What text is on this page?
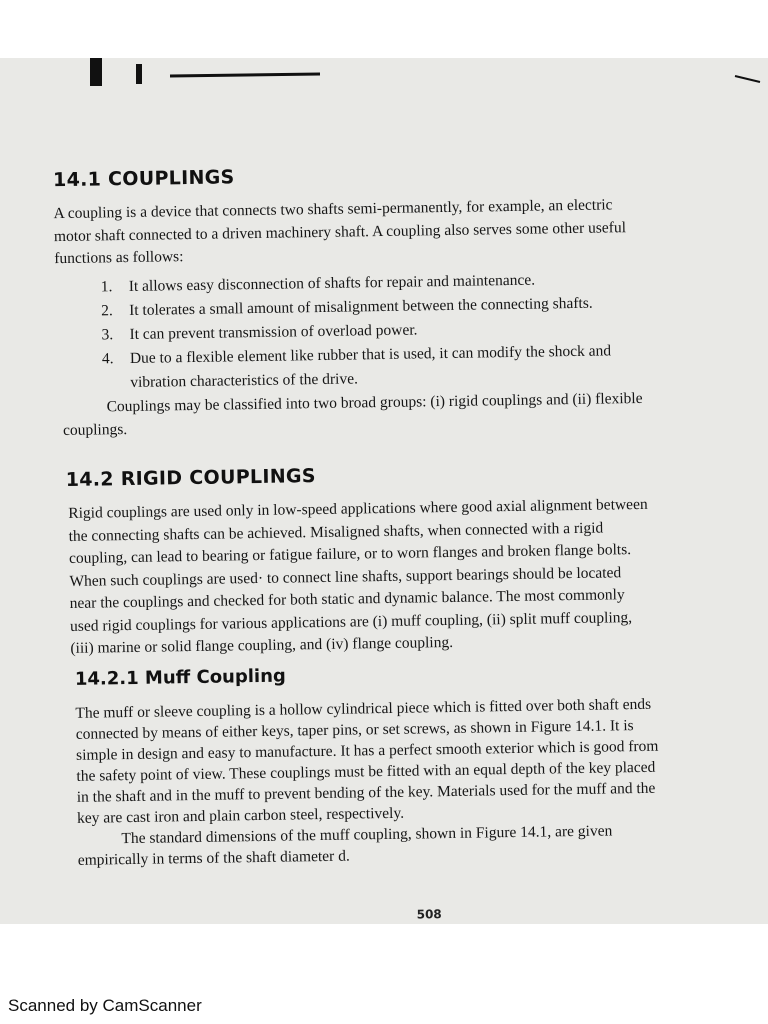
14.1 COUPLINGS
A coupling is a device that connects two shafts semi-permanently, for example, an electric
motor shaft connected to a driven machinery shaft. A coupling also serves some other useful
functions as follows:
1. It allows easy disconnection of shafts for repair and maintenance.
2. It tolerates a small amount of misalignment between the connecting shafts.
3. It can prevent transmission of overload power.
4. Due to a flexible element like rubber that is used, it can modify the shock and
vibration characteristics of the drive.
Couplings may be classified into two broad groups: (i) rigid couplings and (ii) flexible
couplings.
14.2 RIGID COUPLINGS
Rigid couplings are used only in low-speed applications where good axial alignment between
the connecting shafts can be achieved. Misaligned shafts, when connected with a rigid
coupling, can lead to bearing or fatigue failure, or to worn flanges and broken flange bolts.
When such couplings are used· to connect line shafts, support bearings should be located
near the couplings and checked for both static and dynamic balance. The most commonly
used rigid couplings for various applications are (i) muff coupling, (ii) split muff coupling,
(iii) marine or solid flange coupling, and (iv) flange coupling.
14.2.1 Muff Coupling
The muff or sleeve coupling is a hollow cylindrical piece which is fitted over both shaft ends
connected by means of either keys, taper pins, or set screws, as shown in Figure 14.1. It is
simple in design and easy to manufacture. It has a perfect smooth exterior which is good from
the safety point of view. These couplings must be fitted with an equal depth of the key placed
in the shaft and in the muff to prevent bending of the key. Materials used for the muff and the
key are cast iron and plain carbon steel, respectively.
The standard dimensions of the muff coupling, shown in Figure 14.1, are given
empirically in terms of the shaft diameter d.
508
Scanned by CamScanner
